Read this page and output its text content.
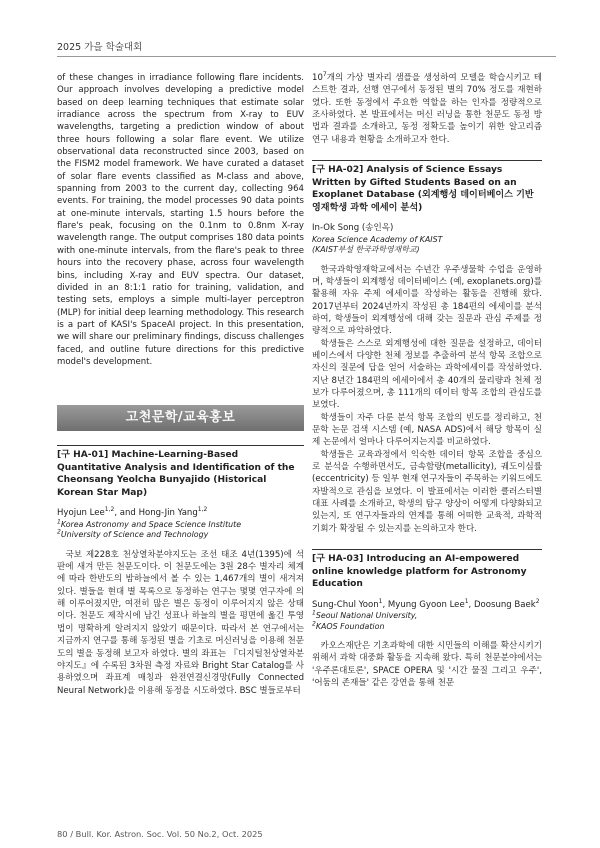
2025 가을 학술대회

of these changes in irradiance following flare incidents. Our approach involves developing a predictive model based on deep learning techniques that estimate solar irradiance across the spectrum from X-ray to EUV wavelengths, targeting a prediction window of about three hours following a solar flare event. We utilize observational data reconstructed since 2003, based on the FISM2 model framework. We have curated a dataset of solar flare events classified as M-class and above, spanning from 2003 to the current day, collecting 964 events. For training, the model processes 90 data points at one-minute intervals, starting 1.5 hours before the flare's peak, focusing on the 0.1nm to 0.8nm X-ray wavelength range. The output comprises 180 data points with one-minute intervals, from the flare's peak to three hours into the recovery phase, across four wavelength bins, including X-ray and EUV spectra. Our dataset, divided in an 8:1:1 ratio for training, validation, and testing sets, employs a simple multi-layer perceptron (MLP) for initial deep learning methodology. This research is a part of KASI's SpaceAI project. In this presentation, we will share our preliminary findings, discuss challenges faced, and outline future directions for this predictive model's development.

고천문학/교육홍보
[구 HA-01] Machine-Learning-Based Quantitative Analysis and Identification of the Cheonsang Yeolcha Bunyajido (Historical Korean Star Map)
Hyojun Lee$^{1,2}$, and Hong-Jin Yang$^{1,2}$
$^1$Korea Astronomy and Space Science Institute
$^2$University of Science and Technology

국보 제228호 천상열차분야지도는 조선 태조 4년(1395)에 석판에 새겨 만든 천문도이다. 이 천문도에는 3원 28수 별자리 체계에 따라 한반도의 밤하늘에서 볼 수 있는 1,467개의 별이 새겨져 있다. 별들을 현대 별 목록으로 동정하는 연구는 몇몇 연구자에 의해 이루어졌지만, 여전히 많은 별은 동정이 이루어지지 않은 상태이다. 천문도 제작시에 남긴 성표나 하늘의 별을 평면에 옮긴 투영법이 명확하게 알려지지 않았기 때문이다. 따라서 본 연구에서는 지금까지 연구를 통해 동정된 별을 기초로 머신러닝을 이용해 천문도의 별을 동정해 보고자 하였다. 별의 좌표는 『디지털천상열차분야지도』에 수록된 3차원 측정 자료와 Bright Star Catalog를 사용하였으며 좌표계 매칭과 완전연결신경망(Fully Connected Neural Network)을 이용해 동정을 시도하였다. BSC 별들로부터

$10^7$개의 가상 별자리 샘플을 생성하여 모델을 학습시키고 테스트한 결과, 선행 연구에서 동정된 별의 70% 정도를 재현하였다. 또한 동정에서 주요한 역할을 하는 인자를 정량적으로 조사하였다. 본 발표에서는 머신 러닝을 통한 천문도 동정 방법과 결과를 소개하고, 동정 정확도를 높이기 위한 알고리즘 연구 내용과 현황을 소개하고자 한다.

[구 HA-02] Analysis of Science Essays Written by Gifted Students Based on an Exoplanet Database (외계행성 데이터베이스 기반 영재학생 과학 에세이 분석)
In-Ok Song (송인옥)
Korea Science Academy of KAIST
(KAIST부설 한국과학영재학교)

한국과학영재학교에서는 수년간 우주생물학 수업을 운영하며, 학생들이 외계행성 데이터베이스 (예, exoplanets.org)를 활용해 자유 주제 에세이를 작성하는 활동을 진행해 왔다. 2017년부터 2024년까지 작성된 총 184편의 에세이를 분석하여, 학생들이 외계행성에 대해 갖는 질문과 관심 주제를 정량적으로 파악하였다.

학생들은 스스로 외계행성에 대한 질문을 설정하고, 데이터베이스에서 다양한 천체 정보를 추출하여 분석 항목 조합으로 자신의 질문에 답을 얻어 서술하는 과학에세이를 작성하였다. 지난 8년간 184편의 에세이에서 총 40개의 물리량과 천체 정보가 다루어졌으며, 총 111개의 데이터 항목 조합의 관심도를 보였다.

학생들이 자주 다룬 분석 항목 조합의 빈도를 정리하고, 천문학 논문 검색 시스템 (예, NASA ADS)에서 해당 항목이 실제 논문에서 얼마나 다루어지는지를 비교하였다.

학생들은 교육과정에서 익숙한 데이터 항목 조합을 중심으로 분석을 수행하면서도, 금속함량(metallicity), 궤도이심률(eccentricity) 등 일부 현재 연구자들이 주목하는 키워드에도 자발적으로 관심을 보였다. 이 발표에서는 이러한 클러스터별 대표 사례를 소개하고, 학생의 탐구 양상이 어떻게 다양화되고 있는지, 또 연구자들과의 연계를 통해 어떠한 교육적, 과학적 기회가 확장될 수 있는지를 논의하고자 한다.

[구 HA-03] Introducing an AI-empowered online knowledge platform for Astronomy Education
Sung-Chul Yoon$^1$, Myung Gyoon Lee$^1$, Doosung Baek$^2$
$^1$Seoul National University,
$^2$KAOS Foundation

카오스재단은 기초과학에 대한 시민들의 이해를 확산시키기 위해서 과학 대중화 활동을 지속해 왔다. 특히 천문분야에서는 '우주론대토론', SPACE OPERA 및 '시간 물질 그리고 우주', '어둠의 존재들' 같은 강연을 통해 천문

80 / Bull. Kor. Astron. Soc. Vol. 50 No.2, Oct. 2025
